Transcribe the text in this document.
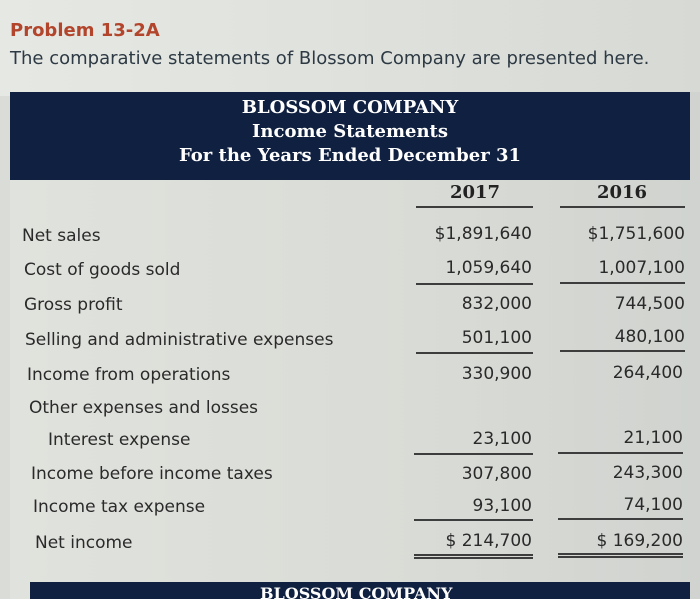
Problem 13-2A
The comparative statements of Blossom Company are presented here.
BLOSSOM COMPANY
Income Statements
For the Years Ended December 31
2017	2016
Net sales	$1,891,640	$1,751,600
Cost of goods sold	1,059,640	1,007,100
Gross profit	832,000	744,500
Selling and administrative expenses	501,100	480,100
Income from operations	330,900	264,400
Other expenses and losses
Interest expense	23,100	21,100
Income before income taxes	307,800	243,300
Income tax expense	93,100	74,100
Net income	$ 214,700	$ 169,200
BLOSSOM COMPANY
